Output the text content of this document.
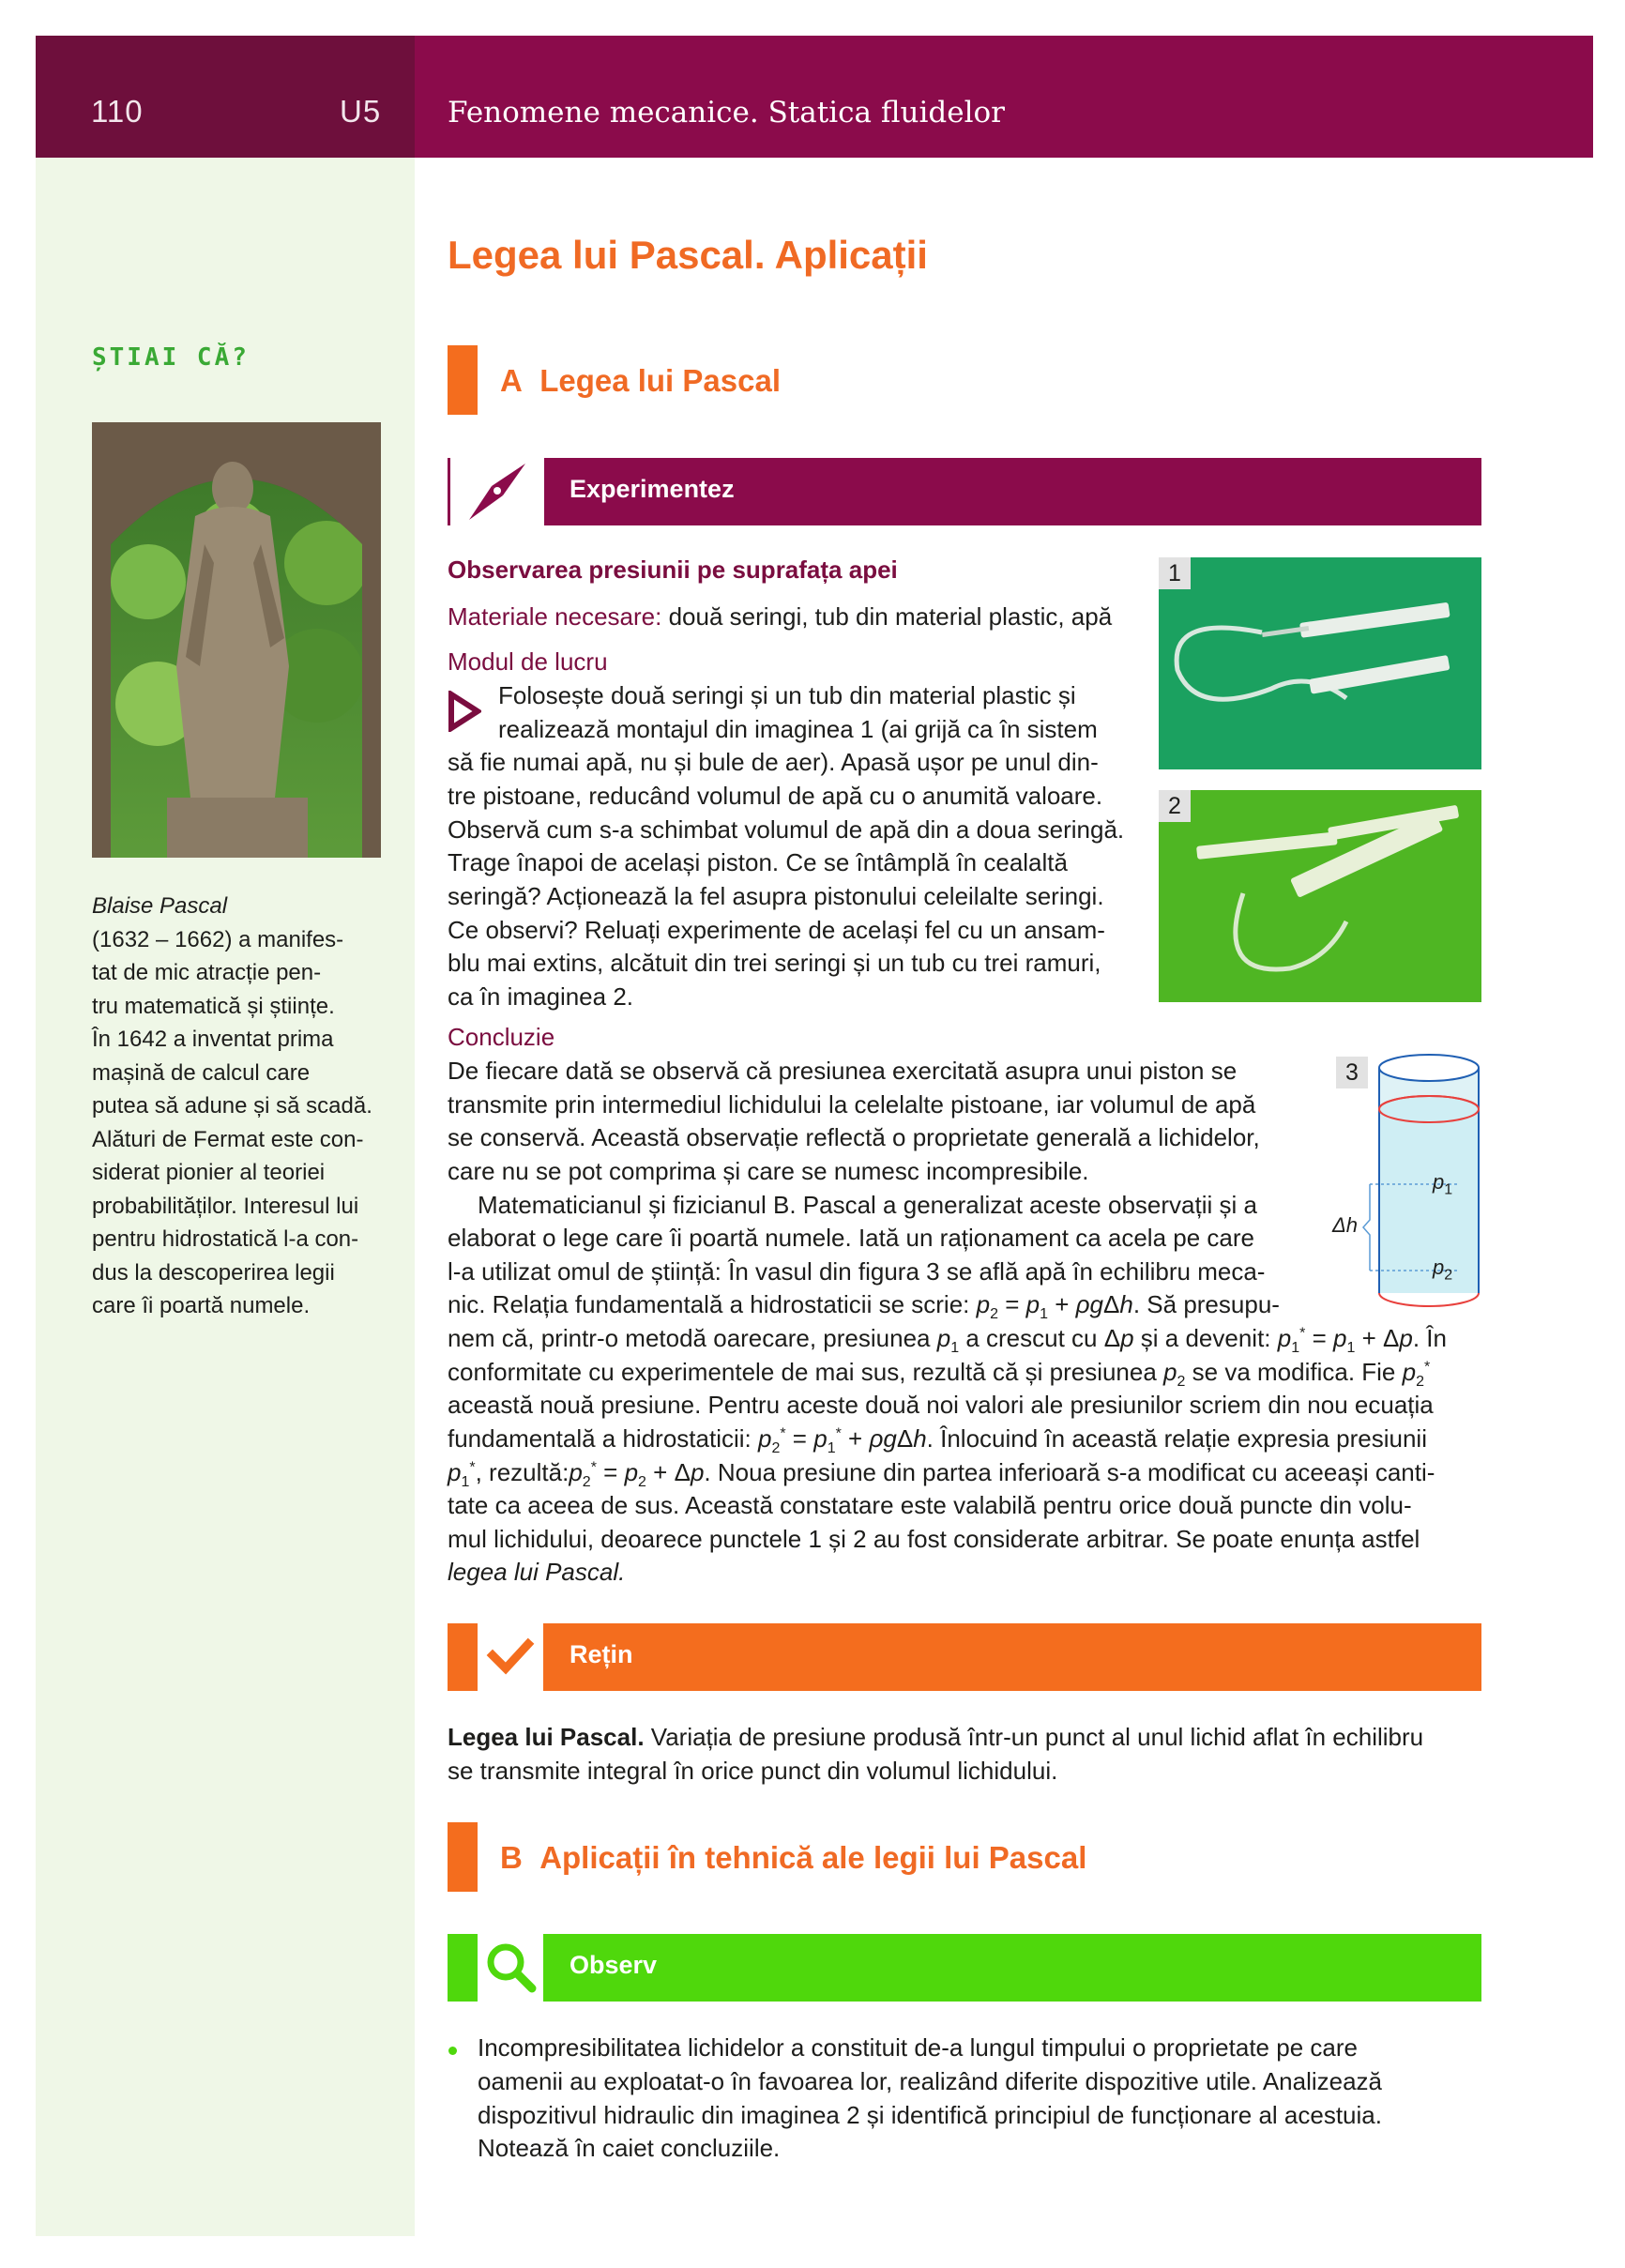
110	U5 Fenomene mecanice. Statica fluidelor
ȘTIAI CĂ?
Blaise Pascal
(1632 – 1662) a manifes-
tat de mic atracție pen-
tru matematică și științe.
În 1642 a inventat prima
mașină de calcul care
putea să adune și să scadă.
Alături de Fermat este con-
siderat pionier al teoriei
probabilităților. Interesul lui
pentru hidrostatică l-a con-
dus la descoperirea legii
care îi poartă numele.
Legea lui Pascal. Aplicații
A Legea lui Pascal
Experimentez
Observarea presiunii pe suprafața apei
Materiale necesare: două seringi, tub din material plastic, apă
Modul de lucru
Folosește două seringi și un tub din material plastic și
realizează montajul din imaginea 1 (ai grijă ca în sistem
să fie numai apă, nu și bule de aer). Apasă ușor pe unul din-
tre pistoane, reducând volumul de apă cu o anumită valoare.
Observă cum s-a schimbat volumul de apă din a doua seringă.
Trage înapoi de același piston. Ce se întâmplă în cealaltă
seringă? Acționează la fel asupra pistonului celeilalte seringi.
Ce observi? Reluați experimente de același fel cu un ansam-
blu mai extins, alcătuit din trei seringi și un tub cu trei ramuri,
ca în imaginea 2.
1
2
Concluzie
De fiecare dată se observă că presiunea exercitată asupra unui piston se
transmite prin intermediul lichidului la celelalte pistoane, iar volumul de apă
se conservă. Această observație reflectă o proprietate generală a lichidelor,
care nu se pot comprima și care se numesc incompresibile.
Matematicianul și fizicianul B. Pascal a generalizat aceste observații și a
elaborat o lege care îi poartă numele. Iată un raționament ca acela pe care
l-a utilizat omul de știință: În vasul din figura 3 se află apă în echilibru meca-
nic. Relația fundamentală a hidrostaticii se scrie: $p_2 = p_1 + \rho g\Delta h$. Să presupu-
nem că, printr-o metodă oarecare, presiunea $p_1$ a crescut cu Δp și a devenit: $p_1^* = p_1 + \Delta p$. În
conformitate cu experimentele de mai sus, rezultă că și presiunea $p_2$ se va modifica. Fie $p_2^*$
această nouă presiune. Pentru aceste două noi valori ale presiunilor scriem din nou ecuația
fundamentală a hidrostaticii: $p_2^* = p_1^* + \rho g\Delta h$. Înlocuind în această relație expresia presiunii
$p_1^*$, $rezultă:p_2^* = p_2 + \Delta p$. Noua presiune din partea inferioară s-a modificat cu aceeași canti-
tate ca aceea de sus. Această constatare este valabilă pentru orice două puncte din volu-
mul lichidului, deoarece punctele 1 și 2 au fost considerate arbitrar. Se poate enunța astfel
legea lui Pascal.
3
$p_1$
$p_2$
Δh
Rețin
Legea lui Pascal. Variația de presiune produsă într-un punct al unul lichid aflat în echilibru
se transmite integral în orice punct din volumul lichidului.
B Aplicații în tehnică ale legii lui Pascal
Observ
Incompresibilitatea lichidelor a constituit de-a lungul timpului o proprietate pe care
oamenii au exploatat-o în favoarea lor, realizând diferite dispozitive utile. Analizează
dispozitivul hidraulic din imaginea 2 și identifică principiul de funcționare al acestuia.
Notează în caiet concluziile.
